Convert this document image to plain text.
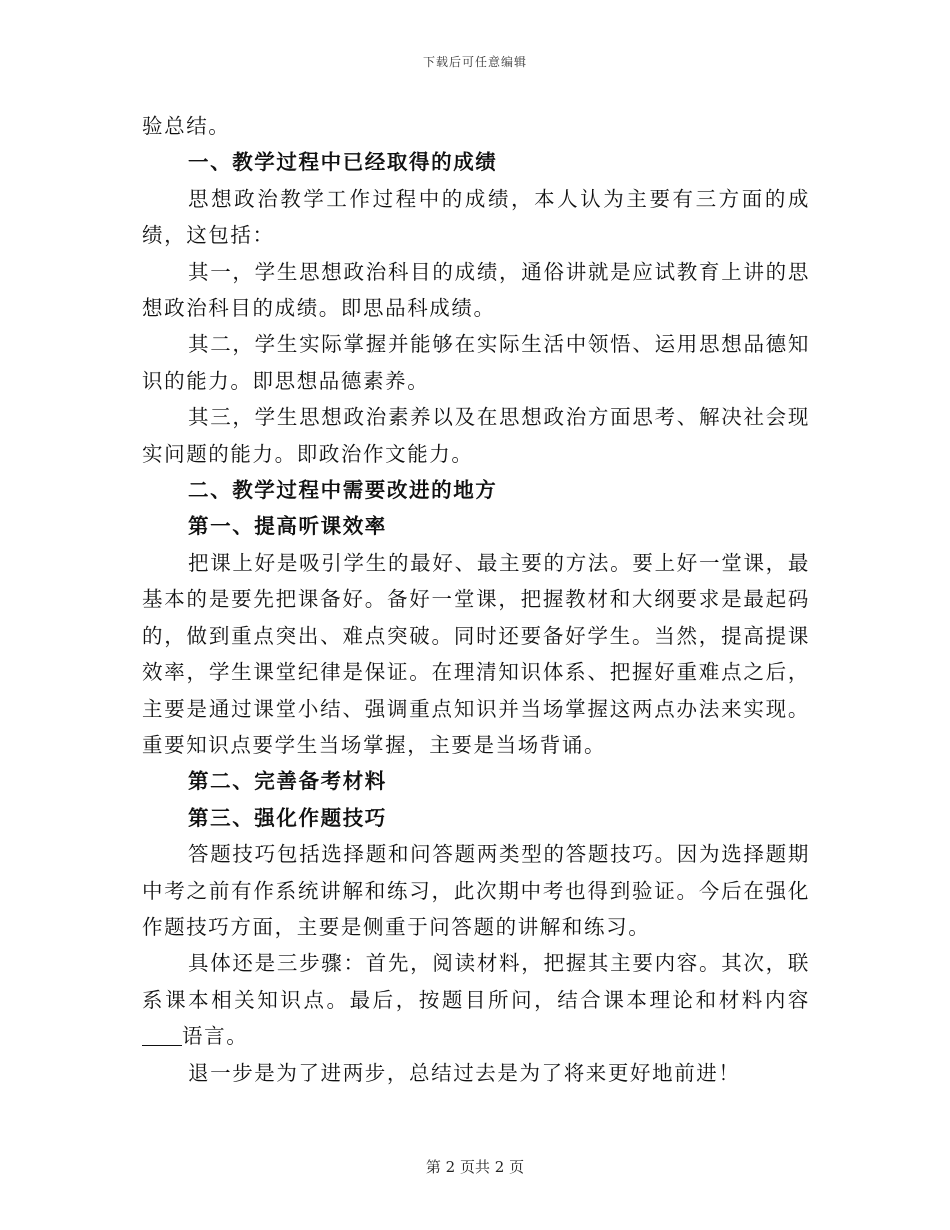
下载后可任意编辑

验总结。

一、教学过程中已经取得的成绩

思想政治教学工作过程中的成绩，本人认为主要有三方面的成绩，这包括：

其一，学生思想政治科目的成绩，通俗讲就是应试教育上讲的思想政治科目的成绩。即思品科成绩。

其二，学生实际掌握并能够在实际生活中领悟、运用思想品德知识的能力。即思想品德素养。

其三，学生思想政治素养以及在思想政治方面思考、解决社会现实问题的能力。即政治作文能力。

二、教学过程中需要改进的地方

第一、提高听课效率

把课上好是吸引学生的最好、最主要的方法。要上好一堂课，最基本的是要先把课备好。备好一堂课，把握教材和大纲要求是最起码的，做到重点突出、难点突破。同时还要备好学生。当然，提高提课效率，学生课堂纪律是保证。在理清知识体系、把握好重难点之后，主要是通过课堂小结、强调重点知识并当场掌握这两点办法来实现。重要知识点要学生当场掌握，主要是当场背诵。

第二、完善备考材料

第三、强化作题技巧

答题技巧包括选择题和问答题两类型的答题技巧。因为选择题期中考之前有作系统讲解和练习，此次期中考也得到验证。今后在强化作题技巧方面，主要是侧重于问答题的讲解和练习。

具体还是三步骤：首先，阅读材料，把握其主要内容。其次，联系课本相关知识点。最后，按题目所问，结合课本理论和材料内容语言。

退一步是为了进两步，总结过去是为了将来更好地前进！

第 2 页共 2 页
